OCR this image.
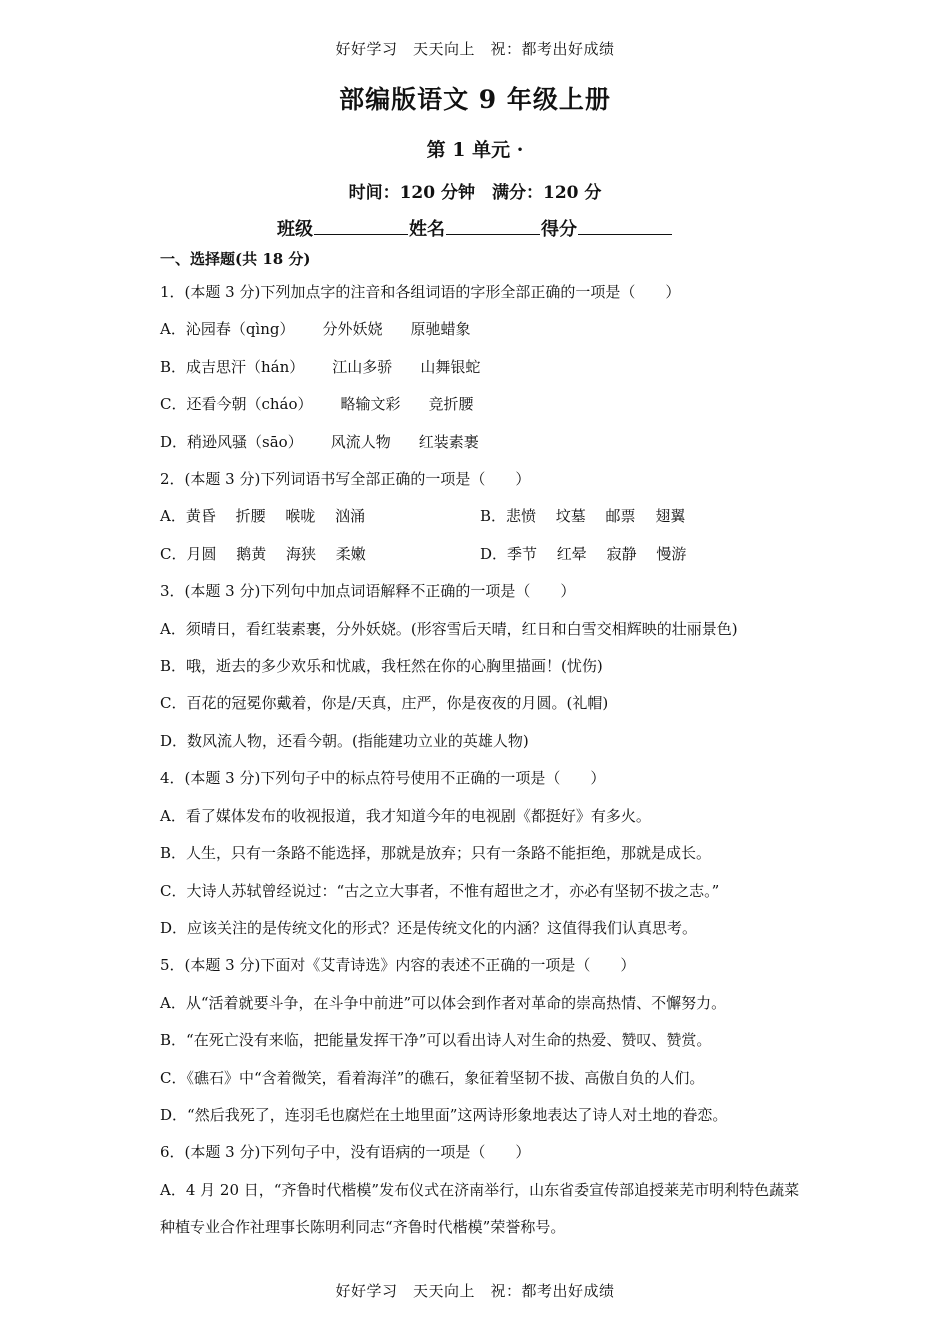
好好学习　天天向上　祝：都考出好成绩
部编版语文 9 年级上册
第 1 单元 ·
时间：120 分钟　满分：120 分
班级	姓名	得分
一、选择题(共 18 分)
1．(本题 3 分)下列加点字的注音和各组词语的字形全部正确的一项是（　　）
A．沁园春（qìng） 分外妖娆 原驰蜡象
B．成吉思汗（hán） 江山多骄 山舞银蛇
C．还看今朝（cháo） 略输文彩 竞折腰
D．稍逊风骚（sāo） 风流人物 红装素裹
2．(本题 3 分)下列词语书写全部正确的一项是（　　）
A．黄昏　 折腰　 喉咙　 汹涌	B．悲愤　 坟墓　 邮票　 翅翼
C．月圆　 鹅黄　 海狭　 柔嫩	D．季节　 红晕　 寂静　 慢游
3．(本题 3 分)下列句中加点词语解释不正确的一项是（　　）
A．须晴日，看红装素裹，分外妖娆。(形容雪后天晴，红日和白雪交相辉映的壮丽景色)
B．哦，逝去的多少欢乐和忧戚，我枉然在你的心胸里描画！(忧伤)
C．百花的冠冕你戴着，你是/天真，庄严，你是夜夜的月圆。(礼帽)
D．数风流人物，还看今朝。(指能建功立业的英雄人物)
4．(本题 3 分)下列句子中的标点符号使用不正确的一项是（　　）
A．看了媒体发布的收视报道，我才知道今年的电视剧《都挺好》有多火。
B．人生，只有一条路不能选择，那就是放弃；只有一条路不能拒绝，那就是成长。
C．大诗人苏轼曾经说过：“古之立大事者，不惟有超世之才，亦必有坚韧不拔之志。”
D．应该关注的是传统文化的形式？还是传统文化的内涵？这值得我们认真思考。
5．(本题 3 分)下面对《艾青诗选》内容的表述不正确的一项是（　　）
A．从“活着就要斗争，在斗争中前进”可以体会到作者对革命的崇高热情、不懈努力。
B．“在死亡没有来临，把能量发挥干净”可以看出诗人对生命的热爱、赞叹、赞赏。
C．《礁石》中“含着微笑，看着海洋”的礁石，象征着坚韧不拔、高傲自负的人们。
D．“然后我死了，连羽毛也腐烂在土地里面”这两诗形象地表达了诗人对土地的眷恋。
6．(本题 3 分)下列句子中，没有语病的一项是（　　）
A．4 月 20 日，“齐鲁时代楷模”发布仪式在济南举行，山东省委宣传部追授莱芜市明利特色蔬菜种植专业合作社理事长陈明利同志“齐鲁时代楷模”荣誉称号。
好好学习　天天向上　祝：都考出好成绩
